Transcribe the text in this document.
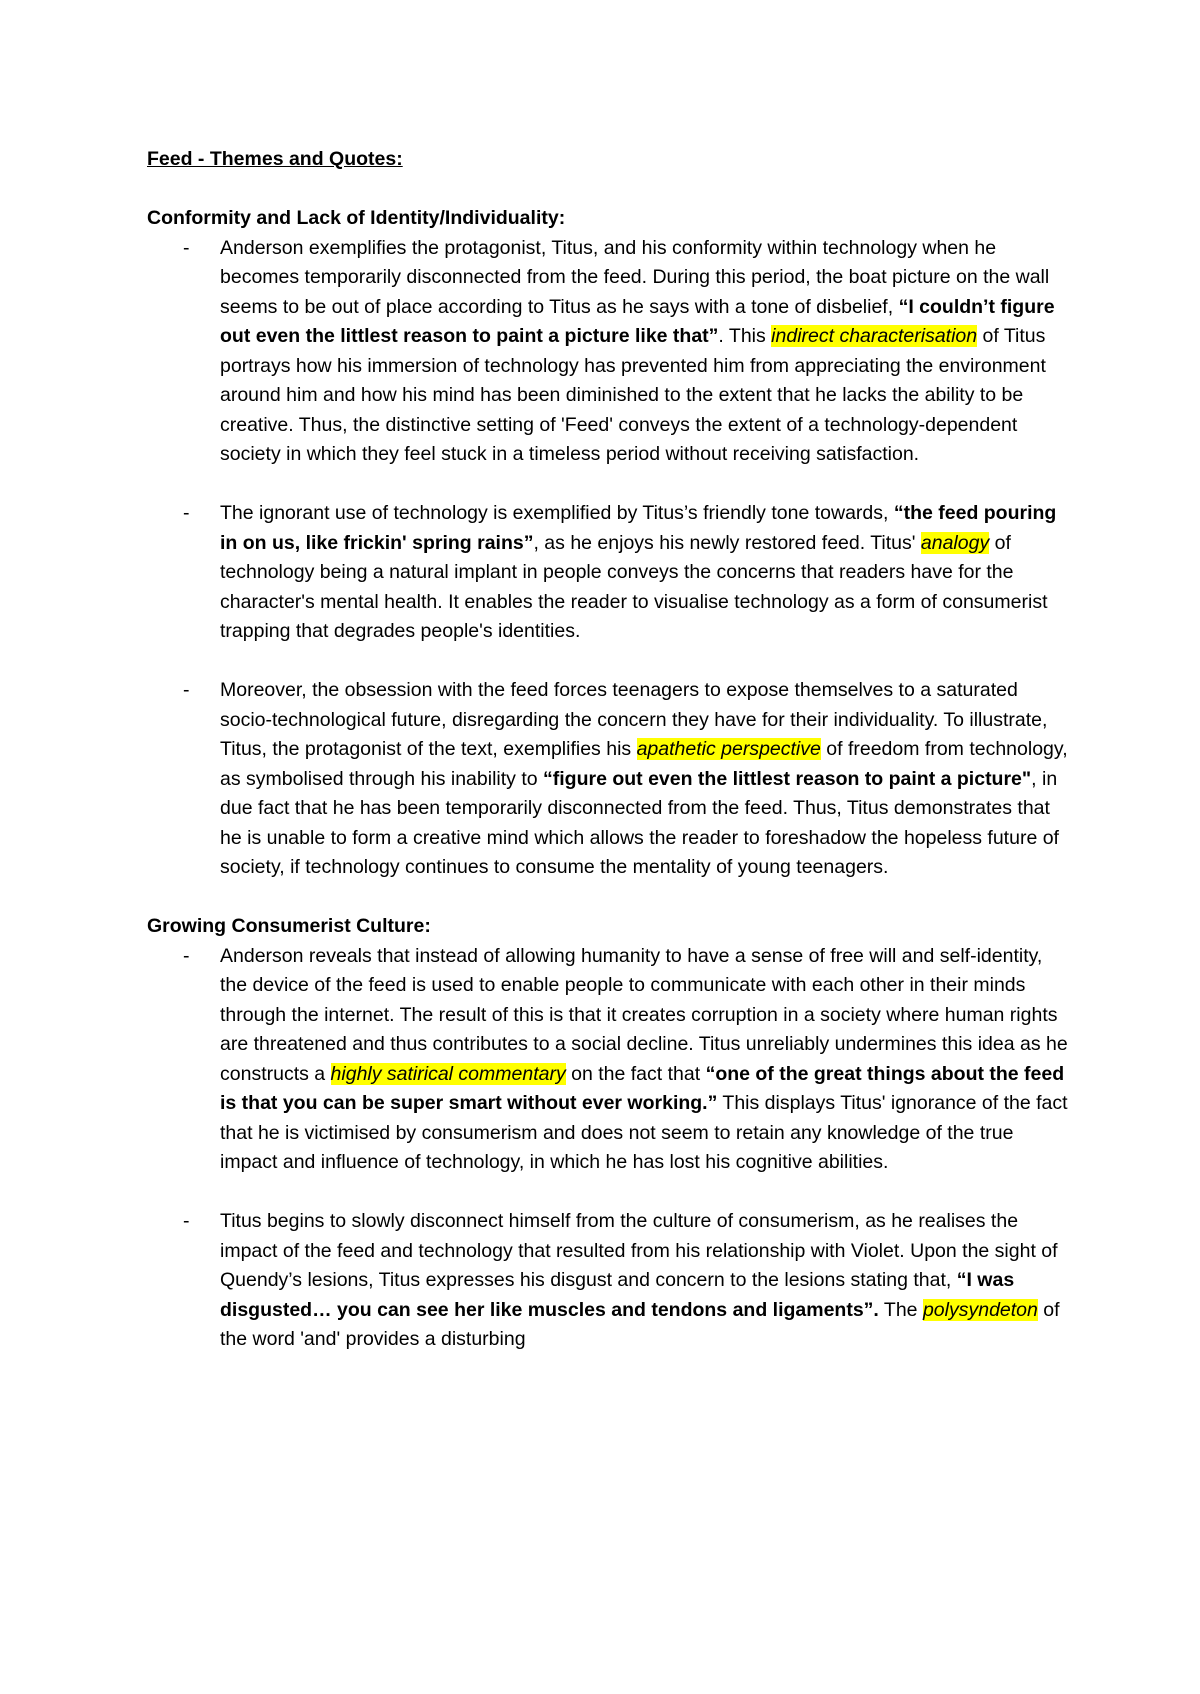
Feed - Themes and Quotes:
Conformity and Lack of Identity/Individuality:
- Anderson exemplifies the protagonist, Titus, and his conformity within technology when he becomes temporarily disconnected from the feed. During this period, the boat picture on the wall seems to be out of place according to Titus as he says with a tone of disbelief, “I couldn’t figure out even the littlest reason to paint a picture like that”. This indirect characterisation of Titus portrays how his immersion of technology has prevented him from appreciating the environment around him and how his mind has been diminished to the extent that he lacks the ability to be creative. Thus, the distinctive setting of 'Feed' conveys the extent of a technology-dependent society in which they feel stuck in a timeless period without receiving satisfaction.
- The ignorant use of technology is exemplified by Titus’s friendly tone towards, “the feed pouring in on us, like frickin' spring rains”, as he enjoys his newly restored feed. Titus' analogy of technology being a natural implant in people conveys the concerns that readers have for the character's mental health. It enables the reader to visualise technology as a form of consumerist trapping that degrades people's identities.
- Moreover, the obsession with the feed forces teenagers to expose themselves to a saturated socio-technological future, disregarding the concern they have for their individuality. To illustrate, Titus, the protagonist of the text, exemplifies his apathetic perspective of freedom from technology, as symbolised through his inability to “figure out even the littlest reason to paint a picture", in due fact that he has been temporarily disconnected from the feed. Thus, Titus demonstrates that he is unable to form a creative mind which allows the reader to foreshadow the hopeless future of society, if technology continues to consume the mentality of young teenagers.
Growing Consumerist Culture:
- Anderson reveals that instead of allowing humanity to have a sense of free will and self-identity, the device of the feed is used to enable people to communicate with each other in their minds through the internet. The result of this is that it creates corruption in a society where human rights are threatened and thus contributes to a social decline. Titus unreliably undermines this idea as he constructs a highly satirical commentary on the fact that “one of the great things about the feed is that you can be super smart without ever working.” This displays Titus' ignorance of the fact that he is victimised by consumerism and does not seem to retain any knowledge of the true impact and influence of technology, in which he has lost his cognitive abilities.
- Titus begins to slowly disconnect himself from the culture of consumerism, as he realises the impact of the feed and technology that resulted from his relationship with Violet. Upon the sight of Quendy’s lesions, Titus expresses his disgust and concern to the lesions stating that, “I was disgusted… you can see her like muscles and tendons and ligaments”. The polysyndeton of the word 'and' provides a disturbing
